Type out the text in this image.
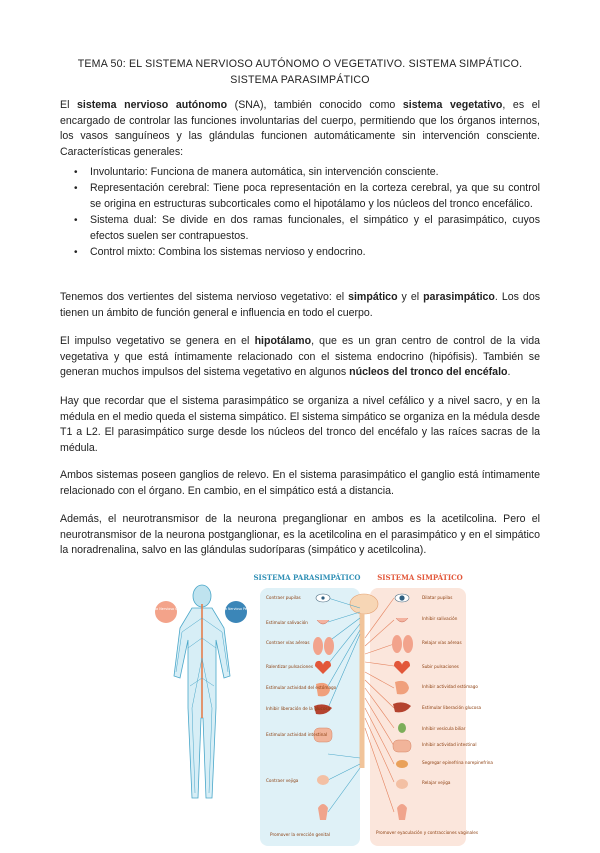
TEMA 50: EL SISTEMA NERVIOSO AUTÓNOMO O VEGETATIVO. SISTEMA SIMPÁTICO.
SISTEMA PARASIMPÁTICO

El sistema nervioso autónomo (SNA), también conocido como sistema vegetativo, es el encargado de controlar las funciones involuntarias del cuerpo, permitiendo que los órganos internos, los vasos sanguíneos y las glándulas funcionen automáticamente sin intervención consciente. Características generales:

• Involuntario: Funciona de manera automática, sin intervención consciente.
• Representación cerebral: Tiene poca representación en la corteza cerebral, ya que su control se origina en estructuras subcorticales como el hipotálamo y los núcleos del tronco encefálico.
• Sistema dual: Se divide en dos ramas funcionales, el simpático y el parasimpático, cuyos efectos suelen ser contrapuestos.
• Control mixto: Combina los sistemas nervioso y endocrino.

Tenemos dos vertientes del sistema nervioso vegetativo: el simpático y el parasimpático. Los dos tienen un ámbito de función general e influencia en todo el cuerpo.

El impulso vegetativo se genera en el hipotálamo, que es un gran centro de control de la vida vegetativa y que está íntimamente relacionado con el sistema endocrino (hipófisis). También se generan muchos impulsos del sistema vegetativo en algunos núcleos del tronco del encéfalo.

Hay que recordar que el sistema parasimpático se organiza a nivel cefálico y a nivel sacro, y en la médula en el medio queda el sistema simpático. El sistema simpático se organiza en la médula desde T1 a L2. El parasimpático surge desde los núcleos del tronco del encéfalo y las raíces sacras de la médula.

Ambos sistemas poseen ganglios de relevo. En el sistema parasimpático el ganglio está íntimamente relacionado con el órgano. En cambio, en el simpático está a distancia.

Además, el neurotransmisor de la neurona preganglionar en ambos es la acetilcolina. Pero el neurotransmisor de la neurona postganglionar, es la acetilcolina en el parasimpático y en el simpático la noradrenalina, salvo en las glándulas sudoríparas (simpático y acetilcolina).

Sistema Nervioso Central	Sistema Nervioso Periférico
SISTEMA PARASIMPÁTICO SISTEMA SIMPÁTICO
Contraer pupilas
Estimular salivación
Contraer vías aéreas
Ralentizar pulsaciones
Estimular actividad del estómago
Inhibir liberación de la glucosa
Estimular actividad intestinal
Contraer vejiga
Promover la erección genital
Dilatar pupilas
Inhibir salivación
Relajar vías aéreas
Subir pulsaciones
Inhibir actividad estómago
Estimular liberación glucosa
Inhibir vesícula biliar
Inhibir actividad intestinal
Segregar epinefrina norepinefrina
Relajar vejiga
Promover eyaculación y contracciones vaginales
